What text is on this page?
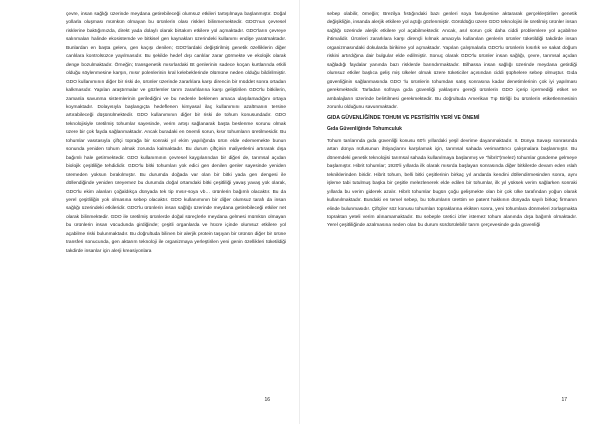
çevre, insan sağlığı üzerinde meydana getirebileceği olumsuz etkileri tartışılmaya başlanmıştır. Doğal yollarla oluşması mümkün olmayan bu ürünlerin olası riskleri bilinmemektedir. GDO'nun çevresel risklerine baktığımızda, direkt yada dolaylı olarak birtakım etkilere yol açmaktadır. GDO'ların çevreye salınmaları halinde ekosistemde ve bitkisel gen kaynakları üzerindeki kullanımı endişe yaratmaktadır. Bunlardan en başta gelenı, gen kaçışı denilen; GDO'lardaki değiştirilmiş genetik özelliklerin diğer canlılara kontrolsüzce yayılmasıdır. Bu şekilde hedef dışı canlılar zarar görmekte ve ekolojik olarak denge bozulmaktadır. Örneğin; transgenetik mısırlardaki Bt genlerinin sadece koçan kurtlarında etkili olduğu söylenmesine karşın, mısır polenlerinin kral kelebeklerinde ölümüne neden olduğu bildirilmiştir. GDO kullanımının diğer bir riski de, ürünler üzerinde zararlılara karşı direncin bir müddet sonra ortadan kalkmasıdır. Yapılan araştırmalar ve gözlemler tarım zararlılarına karşı geliştirilen GDO'lu bitkilerin, zamanla savunma sistemlerinin gerilediğini ve bu nedenle beklenen amaca ulaşılamadığını ortaya koymaktadır. Dolayısıyla başlangıçta hedeflenen kimyasal ilaç kullanımını azaltmanın tersine artırabileceği düşünülmektedir. GDO kullanımının diğer bir riski de tohum konusundadır. GDO teknolojisiyle üretilmiş tohumlar sayesinde, verim artışı sağlanarak başta beslenme sorunu olmak üzere bir çok fayda sağlanmaktadır. Ancak buradaki en önemli sorun, kısır tohumların üretilmesidir. Bu tohumlar vasıtasıyla çiftçi toprağa bir sonraki yıl ekim yapılığında ürün elde edememekte bunun sonunda yeniden tohum almak zorunda kalmaktadır. Bu durum çiftçinin maliyetlerini artırarak dışa bağımlı hale getirmektedir. GDO kullanımının çevresel kaygılarından bir diğeri de, tarımsal açıdan biolojik çeşitliliğe tehdididir. GDO'lu bitki tohumları yok edici gen denilen genler sayesinde yeniden üremeden yoksun bırakılmıştır. Bu durumda doğada var olan bir bitki yada gen dengesi ile döllendiğinde yeniden üreyemez bu durumda doğal ortamdaki bitki çeşitliliği yavaş yavaş yok olarak, GDO'lu ekim alanları çoğaldıkça dünyada tek tip mısır-soya vb… ürünlerin bağımlı olacaktır. Bu da yerel çeşitliliğin yok olmasına sebep olacaktır. GDO kullanımının bir diğer olumsuz tarafı da insan sağlığı üzerindeki etkileridir. GDO'lu ürünlerin insan sağlığı üzerinde meydana getirebileceği etkiler net olarak bilinmektedir. GDO ile üretilmiş ürünlerde doğal süreçlerle meydana gelmesi mümkün olmayan bu ürünlerin insan vücudunda girdiğinde; çeşitli organlarda ve hücre içinde olumsuz etkilere yol açabilme riski bulunmaktadır. Bu doğrultuda bilinen bir alerjik protein taşıyan bir ürünün diğer bir ürüne transferi sonucunda, gen aktarım teknoloji ile organizmaya yerleştirilen yeni genin özellikleri tüketildiği takdirde insanlar için alerji kreasiyonlara

16

sebep olabilir, örneğin; Brezilya fıstığındaki bazı genleri soya fasulyesine aktararak gerçekleştirilen genetik değişikliğin, insanda alerjik etkilere yol açtığı gözlenmiştir. Görüldüğü üzere GDO teknolojisi ile üretilmiş ürünler insan sağlığı üzerinde alerjik etkilere yol açabilmektedir. Ancak, asıl sorun çok daha ciddi problemlere yol açabilme ihtimalidir. Ürünleri zararlılara karşı dirençli kılmak amacıyla kullanılan genlerin ürünler tüketildiği takdirde insan organizmasındaki dokularda birikime yol açmaktadır. Yapılan çalışmalarla GDO'lu ürünlerin kısırlık ve sakat doğum riskini artırdığına dair bulgular elde edilmiştir. Sonuç olarak GDO'lu ürünler insan sağlığı, çevre, tarımsal açıdan sağladığı faydalar yanında bazı risklerde barındırmaktadır. Bilhassa insan sağlığı üzerinde meydana getirdiği olumsuz etkiler başlıca geliş miş ülkeler olmak üzere tüketiciler açısından ciddi şüphelere sebep olmuştur. Gıda güvenliğinin sağlanmasında GDO 'lu ürünlerin tohumdan satış sonrasına kadar denetimlerinin çok iyi yapılması gerekmektedir. Tarladan sofraya gıda güvenliği yaklaşımı gereği ürünlerin GDO içerip içermediği etiket ve ambalajların üzerinde belirtilmesi gerekmektedir. Bu doğrultuda Amerikan Tıp Birliği bu ürünlerin etiketlenmesinin zorunlu olduğunu savunmaktadır.

GIDA GÜVENLİĞİNDE TOHUM VE PESTİSİTİN YERİ VE ÖNEMİ

Gıda Güvenliğinde Tohumculuk

Tohum tarılarında gıda güvenliği konusu 60'lı yıllardaki yeşil devrime dayanmaktadır. II. Dünya Savaşı sonrasında artan dünya nüfusunun ihtiyaçlarını karşılamak için, tarımsal sahada verimarttırıcı çalışmalara başlanmıştır. Bu dönemdeki genetik teknolojisi tarımsal sahada kullanılmaya başlanmış ve "hibrit"(melez) tohumlar gündeme gelmeye başlamıştır. Hibrit tohumlar; 1920'li yıllarda ilk olarak mısırda başlayan sonrasında diğer bitkilerde devam eden ıslah tekniklerinden biridir. Hibrit tohum, belli bitki çeşitlerinin birkaç yıl arıdarda kendini döllendirmesinden sonra, aynı işleme tabi tutulmuş başka bir çeşitle melezlenerek elde edilen bir tohumlar, ilk yıl yüksek verim sağlarken sonraki yıllarda bu verim giderek azalır. Hibrit tohumlar bugün çoğu gelişmekte olan bir çok ülke tarafından yoğun olarak kullanılmaktadır. Bundaki en temel sebep, bu tohumların ürettim ve patent hakkının dünyada sayılı birkaç firmanın elinde bulunmasıdır. Çiftçiler söz konusu tohumları topraklarına ekikten sonra, yeni tohumlara dönmeleri zorlaşmakta topraktan yeteli verim alınamamaktadır. Bu sebeple üretici izler istemez tohum alanında dışa bağımlı olmaktadır. Yerel çeşitliliğinde azalmasına neden olan bu durum sürdürülebilir tarım çerçevesinde gıda güvenliği

17
